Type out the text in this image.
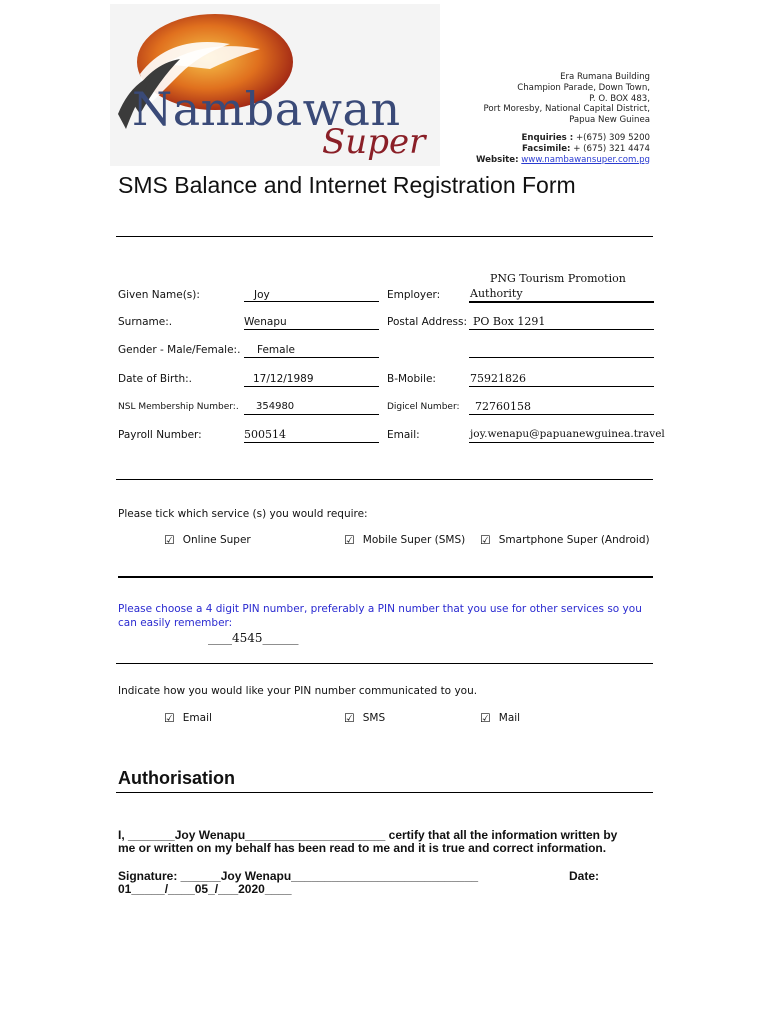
Nambawan
Super
Era Rumana Building
Champion Parade, Down Town,
P. O. BOX 483,
Port Moresby, National Capital District,
Papua New Guinea
Enquiries : +(675) 309 5200
Facsimile: + (675) 321 4474
Website: www.nambawansuper.com.pg
SMS Balance and Internet Registration Form
Given Name(s):	Joy	Employer:
PNG Tourism Promotion
Authority
Surname:.	Wenapu	Postal Address: PO Box 1291
Gender - Male/Female:. Female
Date of Birth:.	17/12/1989	B-Mobile:	75921826
NSL Membership Number:. 354980	Digicel Number: 72760158
Payroll Number:	500514	Email:	joy.wenapu@papuanewguinea.travel
Please tick which service (s) you would require:
☑ Online Super	☑ Mobile Super (SMS) ☑ Smartphone Super (Android)
Please choose a 4 digit PIN number, preferably a PIN number that you use for other services so you can easily remember:
____4545______
Indicate how you would like your PIN number communicated to you.
☑ Email	☑ SMS	☑ Mail
Authorisation
I, _______Joy Wenapu_____________________ certify that all the information written by
me or written on my behalf has been read to me and it is true and correct information.
Signature: ______Joy Wenapu____________________________	Date:
01_____/____05_/___2020____
